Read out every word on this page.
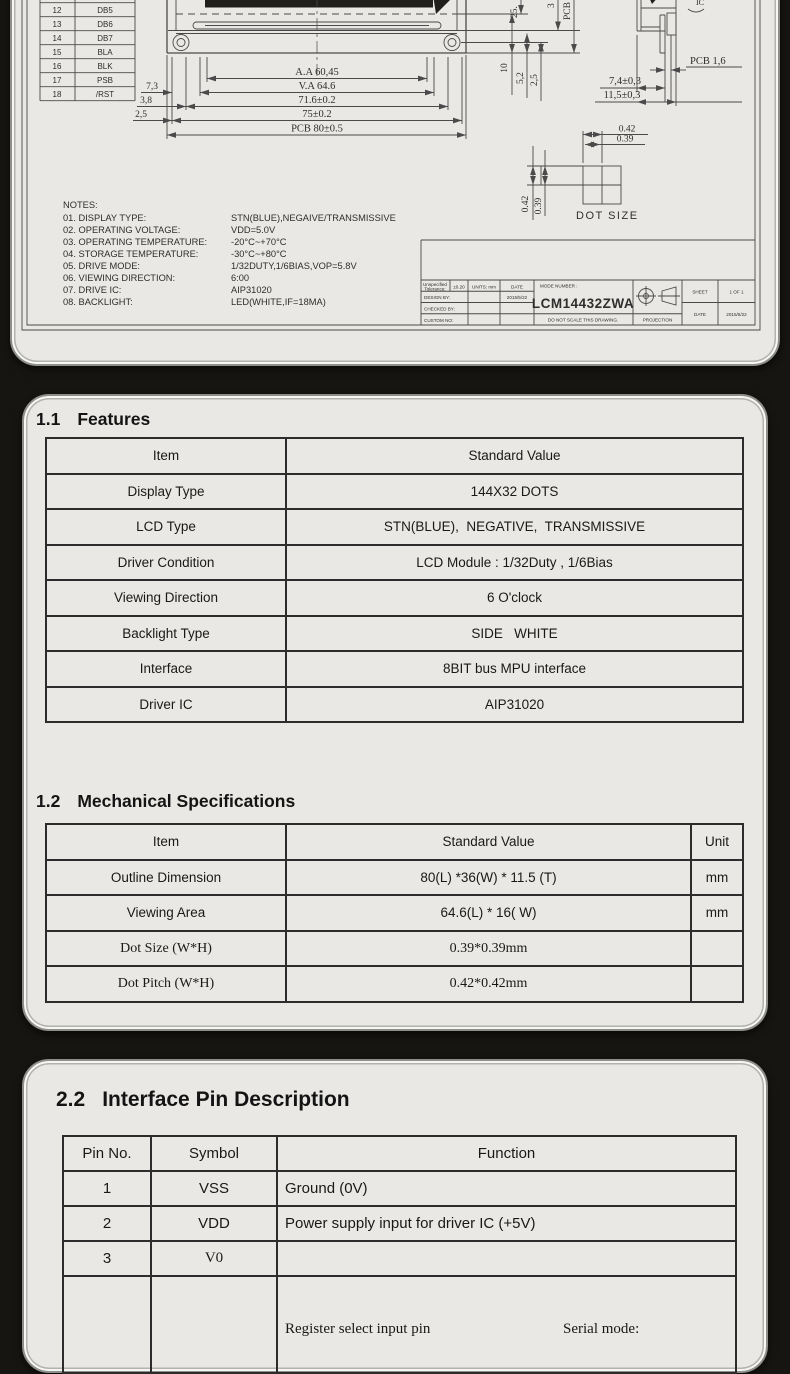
12	DB5
13	DB6
14	DB7
15	BLA
16	BLK
17	PSB
18	/RST
A.A 60,45
V.A 64.6
71.6±0.2
75±0.2
PCB 80±0.5
7,3
3,8
2,5
10
5,2 2,5
25.
3 PCB	IC
PCB 1,6
7,4±0,3
11,5±0,3
0.42
0.39
0.42 0.39
DOT SIZE
NOTES:
01. DISPLAY TYPE:	STN(BLUE),NEGAIVE/TRANSMISSIVE
02. OPERATING VOLTAGE:	VDD=5.0V
03. OPERATING TEMPERATURE:	-20°C~+70°C
04. STORAGE TEMPERATURE:	-30°C~+80°C
05. DRIVE MODE:	1/32DUTY,1/6BIAS,VOP=5.8V
06. VIEWING DIRECTION:	6:00
07. DRIVE IC:	AIP31020
08. BACKLIGHT:	LED(WHITE,IF=18MA)
Unspecified
Tolerance: ±0.20 UNITS: mm	DATE
DESIGN BY:	2015/5/22
CHECKED BY:
CUSTOM NO:
MODE NUMBER :
LCM14432ZWA
DO NOT SCALE THIS DRAWING.	PROJECTION
SHEET	1 OF 1
DATE	2015/5/22
1.1 Features
Item	Standard Value
Display Type	144X32 DOTS
LCD Type	STN(BLUE),  NEGATIVE,  TRANSMISSIVE
Driver Condition	LCD Module : 1/32Duty , 1/6Bias
Viewing Direction	6 O'clock
Backlight Type	SIDE   WHITE
Interface	8BIT bus MPU interface
Driver IC	AIP31020
1.2 Mechanical Specifications
Item	Standard Value	Unit
Outline Dimension	80(L) *36(W) * 11.5 (T)	mm
Viewing Area	64.6(L) * 16( W)	mm
Dot Size (W*H)	0.39*0.39mm	
Dot Pitch (W*H)	0.42*0.42mm	
2.2 Interface Pin Description
Pin No.	Symbol	Function
1	VSS	Ground (0V)
2	VDD	Power supply input for driver IC (+5V)
3	V0	

		Register select input pin Serial mode:
